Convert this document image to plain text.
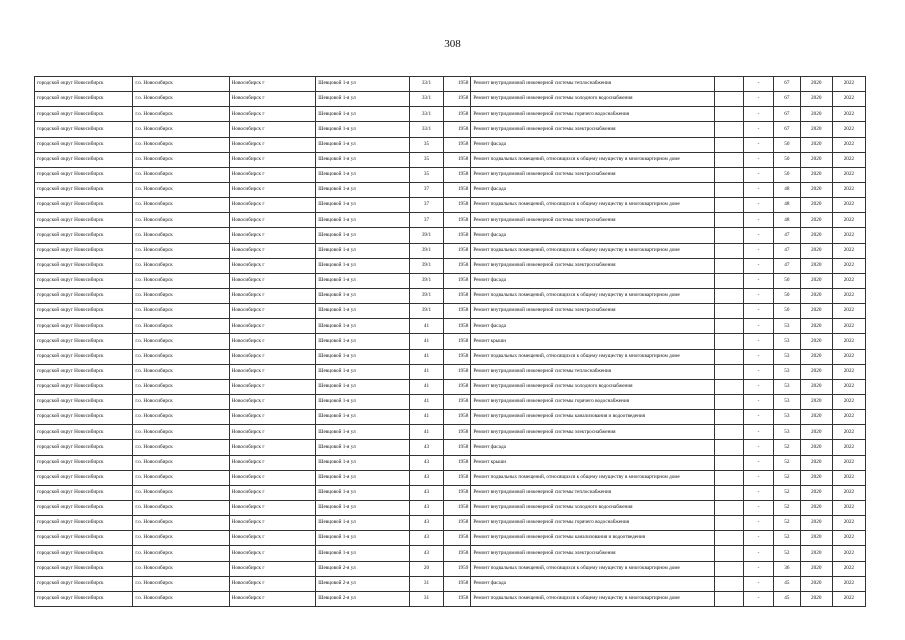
308
городской округ Новосибирск	г.о. Новосибирск	Новосибирск г	Шевцовой 1-я ул	33/1	1958	Ремонт внутридомовой инженерной системы теплоснабжения		-	67	2020	2022
городской округ Новосибирск	г.о. Новосибирск	Новосибирск г	Шевцовой 1-я ул	33/1	1958	Ремонт внутридомовой инженерной системы холодного водоснабжения		-	67	2020	2022
городской округ Новосибирск	г.о. Новосибирск	Новосибирск г	Шевцовой 1-я ул	33/1	1958	Ремонт внутридомовой инженерной системы горячего водоснабжения		-	67	2020	2022
городской округ Новосибирск	г.о. Новосибирск	Новосибирск г	Шевцовой 1-я ул	33/1	1958	Ремонт внутридомовой инженерной системы электроснабжения		-	67	2020	2022
городской округ Новосибирск	г.о. Новосибирск	Новосибирск г	Шевцовой 1-я ул	35	1958	Ремонт фасада		-	50	2020	2022
городской округ Новосибирск	г.о. Новосибирск	Новосибирск г	Шевцовой 1-я ул	35	1958	Ремонт подвальных помещений, относящихся к общему имуществу в многоквартирном доме		-	50	2020	2022
городской округ Новосибирск	г.о. Новосибирск	Новосибирск г	Шевцовой 1-я ул	35	1958	Ремонт внутридомовой инженерной системы электроснабжения		-	50	2020	2022
городской округ Новосибирск	г.о. Новосибирск	Новосибирск г	Шевцовой 1-я ул	37	1958	Ремонт фасада		-	48	2020	2022
городской округ Новосибирск	г.о. Новосибирск	Новосибирск г	Шевцовой 1-я ул	37	1958	Ремонт подвальных помещений, относящихся к общему имуществу в многоквартирном доме		-	48	2020	2022
городской округ Новосибирск	г.о. Новосибирск	Новосибирск г	Шевцовой 1-я ул	37	1958	Ремонт внутридомовой инженерной системы электроснабжения		-	48	2020	2022
городской округ Новосибирск	г.о. Новосибирск	Новосибирск г	Шевцовой 1-я ул	39/1	1958	Ремонт фасада		-	47	2020	2022
городской округ Новосибирск	г.о. Новосибирск	Новосибирск г	Шевцовой 1-я ул	39/1	1958	Ремонт подвальных помещений, относящихся к общему имуществу в многоквартирном доме		-	47	2020	2022
городской округ Новосибирск	г.о. Новосибирск	Новосибирск г	Шевцовой 1-я ул	39/1	1958	Ремонт внутридомовой инженерной системы электроснабжения		-	47	2020	2022
городской округ Новосибирск	г.о. Новосибирск	Новосибирск г	Шевцовой 1-я ул	39/1	1958	Ремонт фасада		-	50	2020	2022
городской округ Новосибирск	г.о. Новосибирск	Новосибирск г	Шевцовой 1-я ул	39/1	1958	Ремонт подвальных помещений, относящихся к общему имуществу в многоквартирном доме		-	50	2020	2022
городской округ Новосибирск	г.о. Новосибирск	Новосибирск г	Шевцовой 1-я ул	39/1	1958	Ремонт внутридомовой инженерной системы электроснабжения		-	50	2020	2022
городской округ Новосибирск	г.о. Новосибирск	Новосибирск г	Шевцовой 1-я ул	41	1958	Ремонт фасада		-	53	2020	2022
городской округ Новосибирск	г.о. Новосибирск	Новосибирск г	Шевцовой 1-я ул	41	1958	Ремонт крыши		-	53	2020	2022
городской округ Новосибирск	г.о. Новосибирск	Новосибирск г	Шевцовой 1-я ул	41	1958	Ремонт подвальных помещений, относящихся к общему имуществу в многоквартирном доме		-	53	2020	2022
городской округ Новосибирск	г.о. Новосибирск	Новосибирск г	Шевцовой 1-я ул	41	1958	Ремонт внутридомовой инженерной системы теплоснабжения		-	53	2020	2022
городской округ Новосибирск	г.о. Новосибирск	Новосибирск г	Шевцовой 1-я ул	41	1958	Ремонт внутридомовой инженерной системы холодного водоснабжения		-	53	2020	2022
городской округ Новосибирск	г.о. Новосибирск	Новосибирск г	Шевцовой 1-я ул	41	1958	Ремонт внутридомовой инженерной системы горячего водоснабжения		-	53	2020	2022
городской округ Новосибирск	г.о. Новосибирск	Новосибирск г	Шевцовой 1-я ул	41	1958	Ремонт внутридомовой инженерной системы канализования и водоотведения		-	53	2020	2022
городской округ Новосибирск	г.о. Новосибирск	Новосибирск г	Шевцовой 1-я ул	41	1958	Ремонт внутридомовой инженерной системы электроснабжения		-	53	2020	2022
городской округ Новосибирск	г.о. Новосибирск	Новосибирск г	Шевцовой 1-я ул	43	1958	Ремонт фасада		-	52	2020	2022
городской округ Новосибирск	г.о. Новосибирск	Новосибирск г	Шевцовой 1-я ул	43	1958	Ремонт крыши		-	52	2020	2022
городской округ Новосибирск	г.о. Новосибирск	Новосибирск г	Шевцовой 1-я ул	43	1958	Ремонт подвальных помещений, относящихся к общему имуществу в многоквартирном доме		-	52	2020	2022
городской округ Новосибирск	г.о. Новосибирск	Новосибирск г	Шевцовой 1-я ул	43	1958	Ремонт внутридомовой инженерной системы теплоснабжения		-	52	2020	2022
городской округ Новосибирск	г.о. Новосибирск	Новосибирск г	Шевцовой 1-я ул	43	1958	Ремонт внутридомовой инженерной системы холодного водоснабжения		-	52	2020	2022
городской округ Новосибирск	г.о. Новосибирск	Новосибирск г	Шевцовой 1-я ул	43	1958	Ремонт внутридомовой инженерной системы горячего водоснабжения		-	52	2020	2022
городской округ Новосибирск	г.о. Новосибирск	Новосибирск г	Шевцовой 1-я ул	43	1958	Ремонт внутридомовой инженерной системы канализования и водоотведения		-	52	2020	2022
городской округ Новосибирск	г.о. Новосибирск	Новосибирск г	Шевцовой 1-я ул	43	1958	Ремонт внутридомовой инженерной системы электроснабжения		-	52	2020	2022
городской округ Новосибирск	г.о. Новосибирск	Новосибирск г	Шевцовой 2-я ул	20	1959	Ремонт подвальных помещений, относящихся к общему имуществу в многоквартирном доме		-	36	2020	2022
городской округ Новосибирск	г.о. Новосибирск	Новосибирск г	Шевцовой 2-я ул	31	1958	Ремонт фасада		-	45	2020	2022
городской округ Новосибирск	г.о. Новосибирск	Новосибирск г	Шевцовой 2-я ул	31	1958	Ремонт подвальных помещений, относящихся к общему имуществу в многоквартирном доме		-	45	2020	2022
